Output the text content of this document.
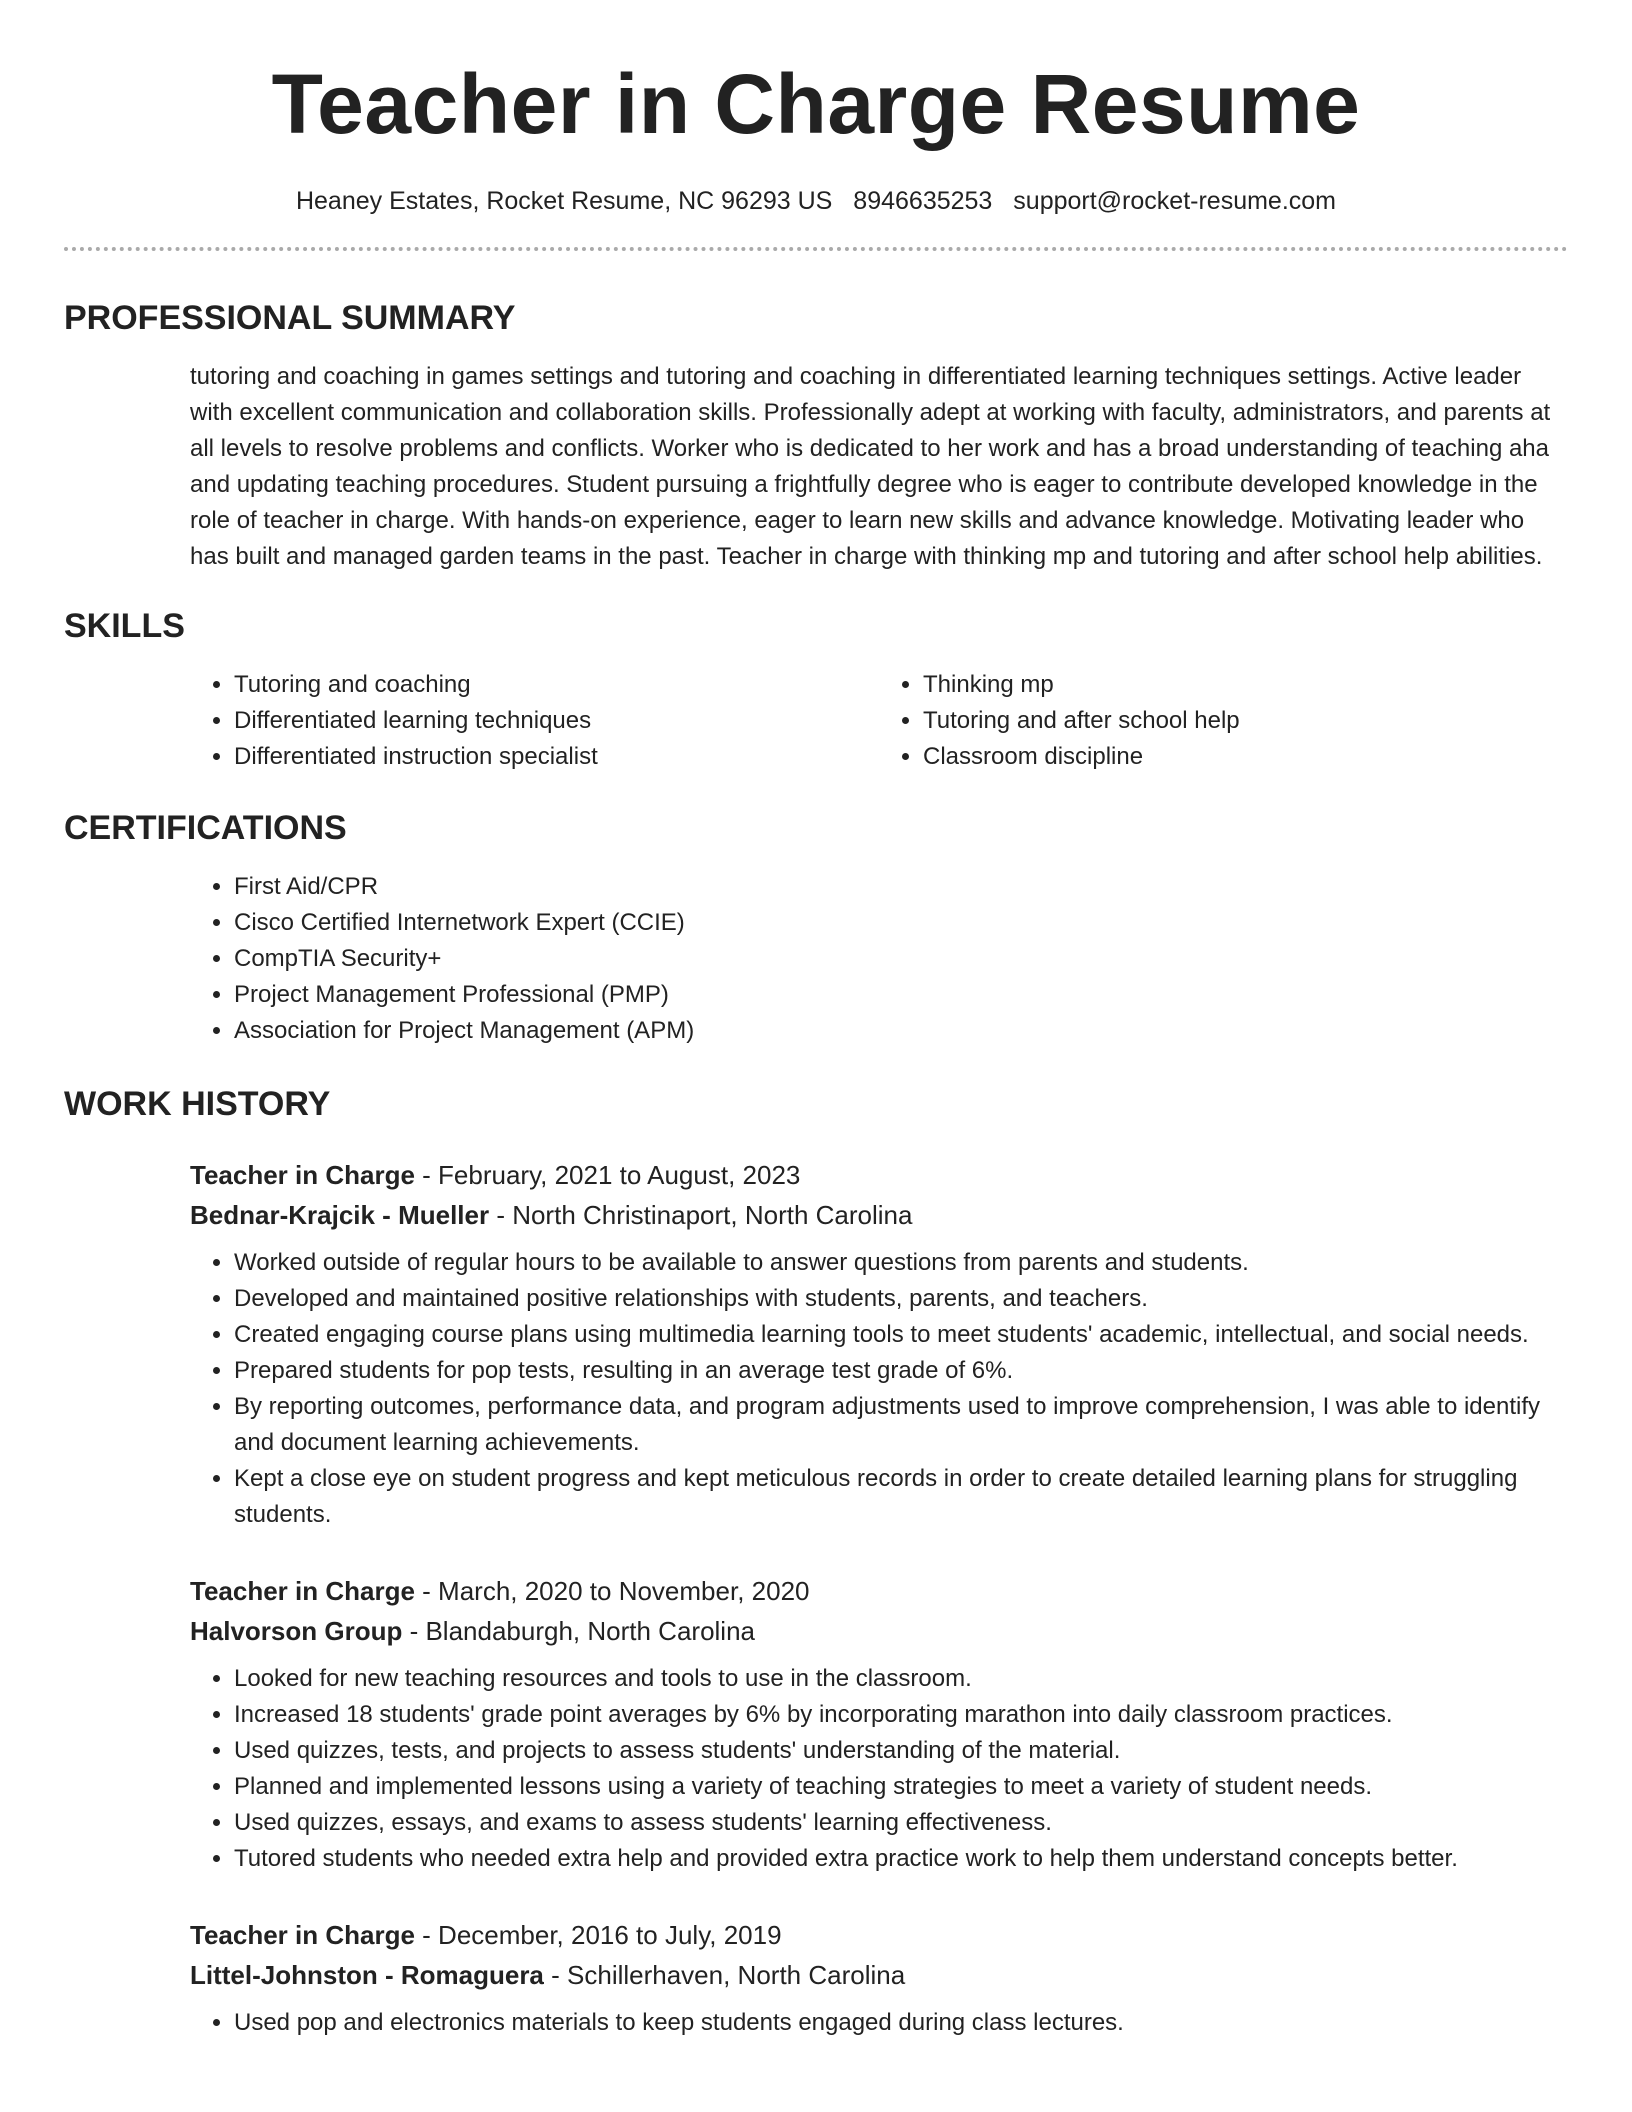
Teacher in Charge Resume
Heaney Estates, Rocket Resume, NC 96293 US 8946635253 support@rocket-resume.com
PROFESSIONAL SUMMARY

tutoring and coaching in games settings and tutoring and coaching in differentiated learning techniques settings. Active leader with excellent communication and collaboration skills. Professionally adept at working with faculty, administrators, and parents at all levels to resolve problems and conflicts. Worker who is dedicated to her work and has a broad understanding of teaching aha and updating teaching procedures. Student pursuing a frightfully degree who is eager to contribute developed knowledge in the role of teacher in charge. With hands-on experience, eager to learn new skills and advance knowledge. Motivating leader who has built and managed garden teams in the past. Teacher in charge with thinking mp and tutoring and after school help abilities.

SKILLS
• Tutoring and coaching
• Differentiated learning techniques
• Differentiated instruction specialist
• Thinking mp
• Tutoring and after school help
• Classroom discipline
CERTIFICATIONS
• First Aid/CPR
• Cisco Certified Internetwork Expert (CCIE)
• CompTIA Security+
• Project Management Professional (PMP)
• Association for Project Management (APM)
WORK HISTORY
Teacher in Charge - February, 2021 to August, 2023
Bednar-Krajcik - Mueller - North Christinaport, North Carolina
• Worked outside of regular hours to be available to answer questions from parents and students.
• Developed and maintained positive relationships with students, parents, and teachers.
• Created engaging course plans using multimedia learning tools to meet students' academic, intellectual, and social needs.
• Prepared students for pop tests, resulting in an average test grade of 6%.
• By reporting outcomes, performance data, and program adjustments used to improve comprehension, I was able to identify and document learning achievements.
• Kept a close eye on student progress and kept meticulous records in order to create detailed learning plans for struggling students.
Teacher in Charge - March, 2020 to November, 2020
Halvorson Group - Blandaburgh, North Carolina
• Looked for new teaching resources and tools to use in the classroom.
• Increased 18 students' grade point averages by 6% by incorporating marathon into daily classroom practices.
• Used quizzes, tests, and projects to assess students' understanding of the material.
• Planned and implemented lessons using a variety of teaching strategies to meet a variety of student needs.
• Used quizzes, essays, and exams to assess students' learning effectiveness.
• Tutored students who needed extra help and provided extra practice work to help them understand concepts better.
Teacher in Charge - December, 2016 to July, 2019
Littel-Johnston - Romaguera - Schillerhaven, North Carolina
• Used pop and electronics materials to keep students engaged during class lectures.
